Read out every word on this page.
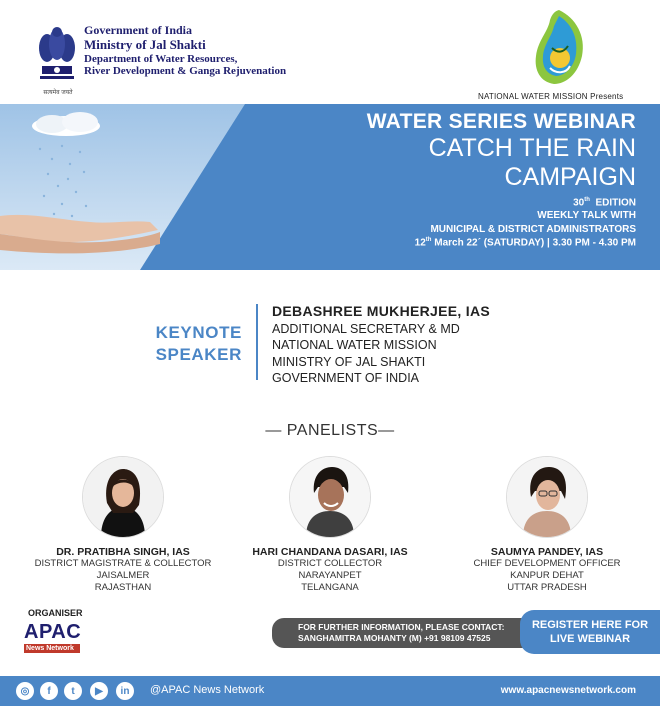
सत्यमेव जयते
Government of India
Ministry of Jal Shakti
Department of Water Resources,
River Development & Ganga Rejuvenation
NATIONAL WATER MISSION Presents
WATER SERIES WEBINAR
CATCH THE RAIN
CAMPAIGN
30th EDITION
WEEKLY TALK WITH
MUNICIPAL & DISTRICT ADMINISTRATORS
12th March 22´ (SATURDAY) | 3.30 PM - 4.30 PM
KEYNOTE
SPEAKER
DEBASHREE MUKHERJEE, IAS
ADDITIONAL SECRETARY & MD
NATIONAL WATER MISSION
MINISTRY OF JAL SHAKTI
GOVERNMENT OF INDIA
— PANELISTS—
DR. PRATIBHA SINGH, IAS
DISTRICT MAGISTRATE & COLLECTOR
JAISALMER
RAJASTHAN
HARI CHANDANA DASARI, IAS
DISTRICT COLLECTOR
NARAYANPET
TELANGANA
SAUMYA PANDEY, IAS
CHIEF DEVELOPMENT OFFICER
KANPUR DEHAT
UTTAR PRADESH
ORGANISER
APAC
News Network
FOR FURTHER INFORMATION, PLEASE CONTACT:
SANGHAMITRA MOHANTY (M) +91 98109 47525
REGISTER HERE FOR
LIVE WEBINAR
◎	f	t	▶	in	@APAC News Network	www.apacnewsnetwork.com
